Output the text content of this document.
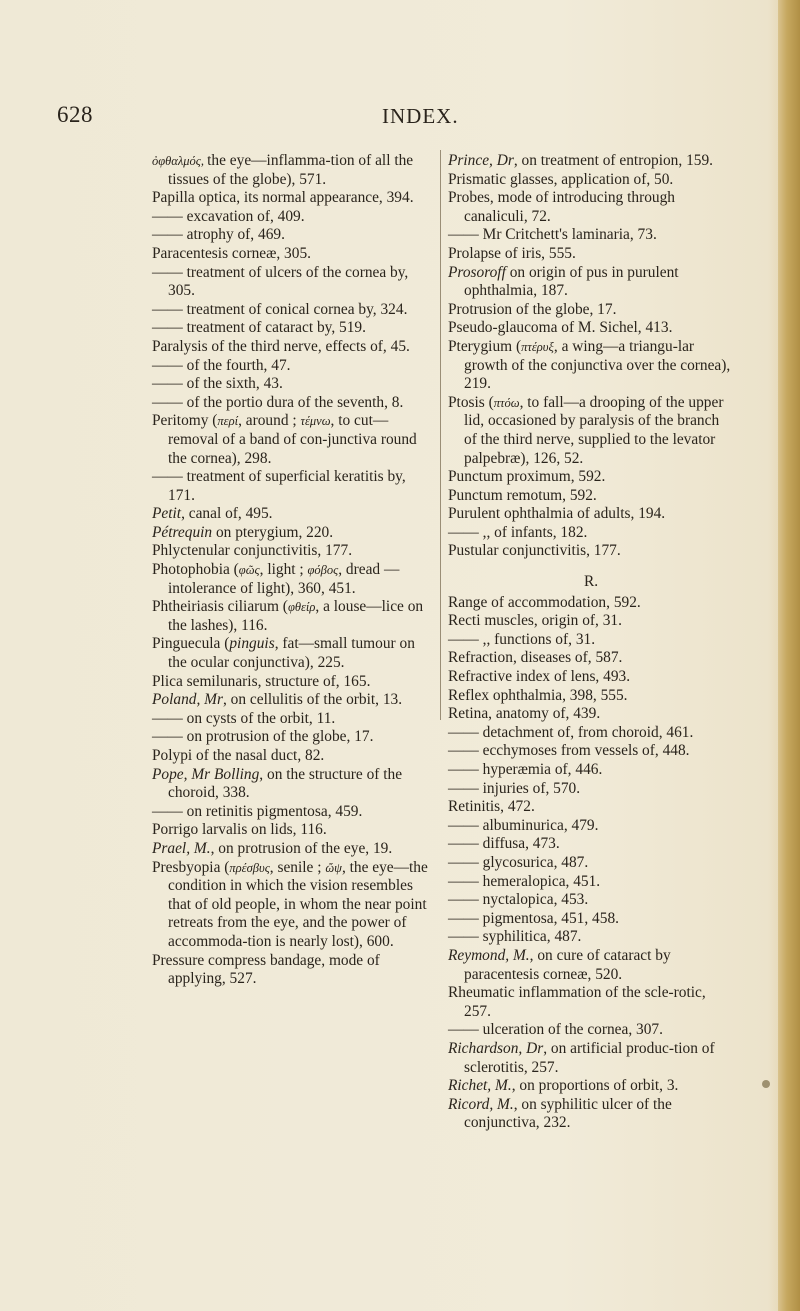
628	INDEX.

ὀφθαλμός, the eye—inflamma-tion of all the tissues of the globe), 571.

Papilla optica, its normal appearance, 394.

—— excavation of, 409.

—— atrophy of, 469.

Paracentesis corneæ, 305.

—— treatment of ulcers of the cornea by, 305.

—— treatment of conical cornea by, 324.

—— treatment of cataract by, 519.

Paralysis of the third nerve, effects of, 45.

—— of the fourth, 47.

—— of the sixth, 43.

—— of the portio dura of the seventh, 8.

Peritomy (περί, around ; τέμνω, to cut—removal of a band of con-junctiva round the cornea), 298.

—— treatment of superficial keratitis by, 171.

Petit, canal of, 495.

Pétrequin on pterygium, 220.

Phlyctenular conjunctivitis, 177.

Photophobia (φῶς, light ; φόβος, dread —intolerance of light), 360, 451.

Phtheiriasis ciliarum (φθείρ, a louse—lice on the lashes), 116.

Pinguecula (pinguis, fat—small tumour on the ocular conjunctiva), 225.

Plica semilunaris, structure of, 165.

Poland, Mr, on cellulitis of the orbit, 13.

—— on cysts of the orbit, 11.

—— on protrusion of the globe, 17.

Polypi of the nasal duct, 82.

Pope, Mr Bolling, on the structure of the choroid, 338.

—— on retinitis pigmentosa, 459.

Porrigo larvalis on lids, 116.

Prael, M., on protrusion of the eye, 19.

Presbyopia (πρέσβυς, senile ; ὤψ, the eye—the condition in which the vision resembles that of old people, in whom the near point retreats from the eye, and the power of accommoda-tion is nearly lost), 600.

Pressure compress bandage, mode of applying, 527.

Prince, Dr, on treatment of entropion, 159.

Prismatic glasses, application of, 50.

Probes, mode of introducing through canaliculi, 72.

—— Mr Critchett's laminaria, 73.

Prolapse of iris, 555.

Prosoroff on origin of pus in purulent ophthalmia, 187.

Protrusion of the globe, 17.

Pseudo-glaucoma of M. Sichel, 413.

Pterygium (πτέρυξ, a wing—a triangu-lar growth of the conjunctiva over the cornea), 219.

Ptosis (πτόω, to fall—a drooping of the upper lid, occasioned by paralysis of the branch of the third nerve, supplied to the levator palpebræ), 126, 52.

Punctum proximum, 592.

Punctum remotum, 592.

Purulent ophthalmia of adults, 194.

—— ,, of infants, 182.

Pustular conjunctivitis, 177.

R.

Range of accommodation, 592.

Recti muscles, origin of, 31.

—— ,, functions of, 31.

Refraction, diseases of, 587.

Refractive index of lens, 493.

Reflex ophthalmia, 398, 555.

Retina, anatomy of, 439.

—— detachment of, from choroid, 461.

—— ecchymoses from vessels of, 448.

—— hyperæmia of, 446.

—— injuries of, 570.

Retinitis, 472.

—— albuminurica, 479.

—— diffusa, 473.

—— glycosurica, 487.

—— hemeralopica, 451.

—— nyctalopica, 453.

—— pigmentosa, 451, 458.

—— syphilitica, 487.

Reymond, M., on cure of cataract by paracentesis corneæ, 520.

Rheumatic inflammation of the scle-rotic, 257.

—— ulceration of the cornea, 307.

Richardson, Dr, on artificial produc-tion of sclerotitis, 257.

Richet, M., on proportions of orbit, 3.

Ricord, M., on syphilitic ulcer of the conjunctiva, 232.
